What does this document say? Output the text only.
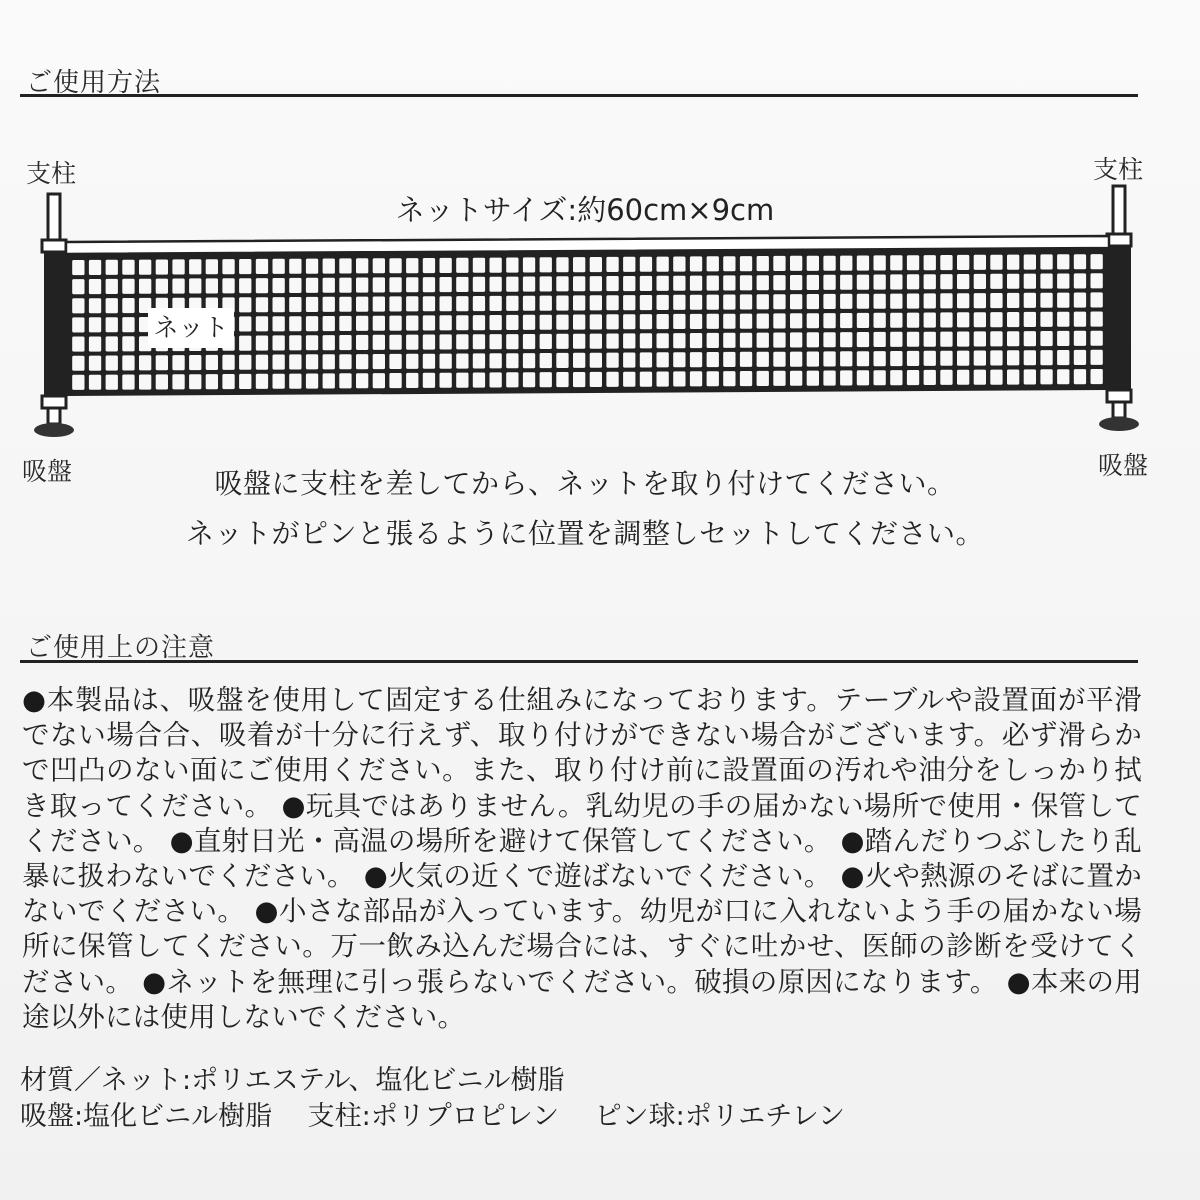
ご使用方法
支柱	支柱
ネットサイズ:約60cm×9cm
ネット
吸盤	吸盤
吸盤に支柱を差してから、ネットを取り付けてください。
ネットがピンと張るように位置を調整しセットしてください。
ご使用上の注意
●本製品は、吸盤を使用して固定する仕組みになっております。テーブルや設置面が平滑でない場合合、吸着が十分に行えず、取り付けができない場合がございます。必ず滑らかで凹凸のない面にご使用ください。また、取り付け前に設置面の汚れや油分をしっかり拭き取ってください。 ●玩具ではありません。乳幼児の手の届かない場所で使用・保管してください。 ●直射日光・高温の場所を避けて保管してください。 ●踏んだりつぶしたり乱暴に扱わないでください。 ●火気の近くで遊ばないでください。 ●火や熱源のそばに置かないでください。 ●小さな部品が入っています。幼児が口に入れないよう手の届かない場所に保管してください。万一飲み込んだ場合には、すぐに吐かせ、医師の診断を受けてください。 ●ネットを無理に引っ張らないでください。破損の原因になります。 ●本来の用途以外には使用しないでください。
材質／ネット:ポリエステル、塩化ビニル樹脂
吸盤:塩化ビニル樹脂　 支柱:ポリプロピレン　 ピン球:ポリエチレン
